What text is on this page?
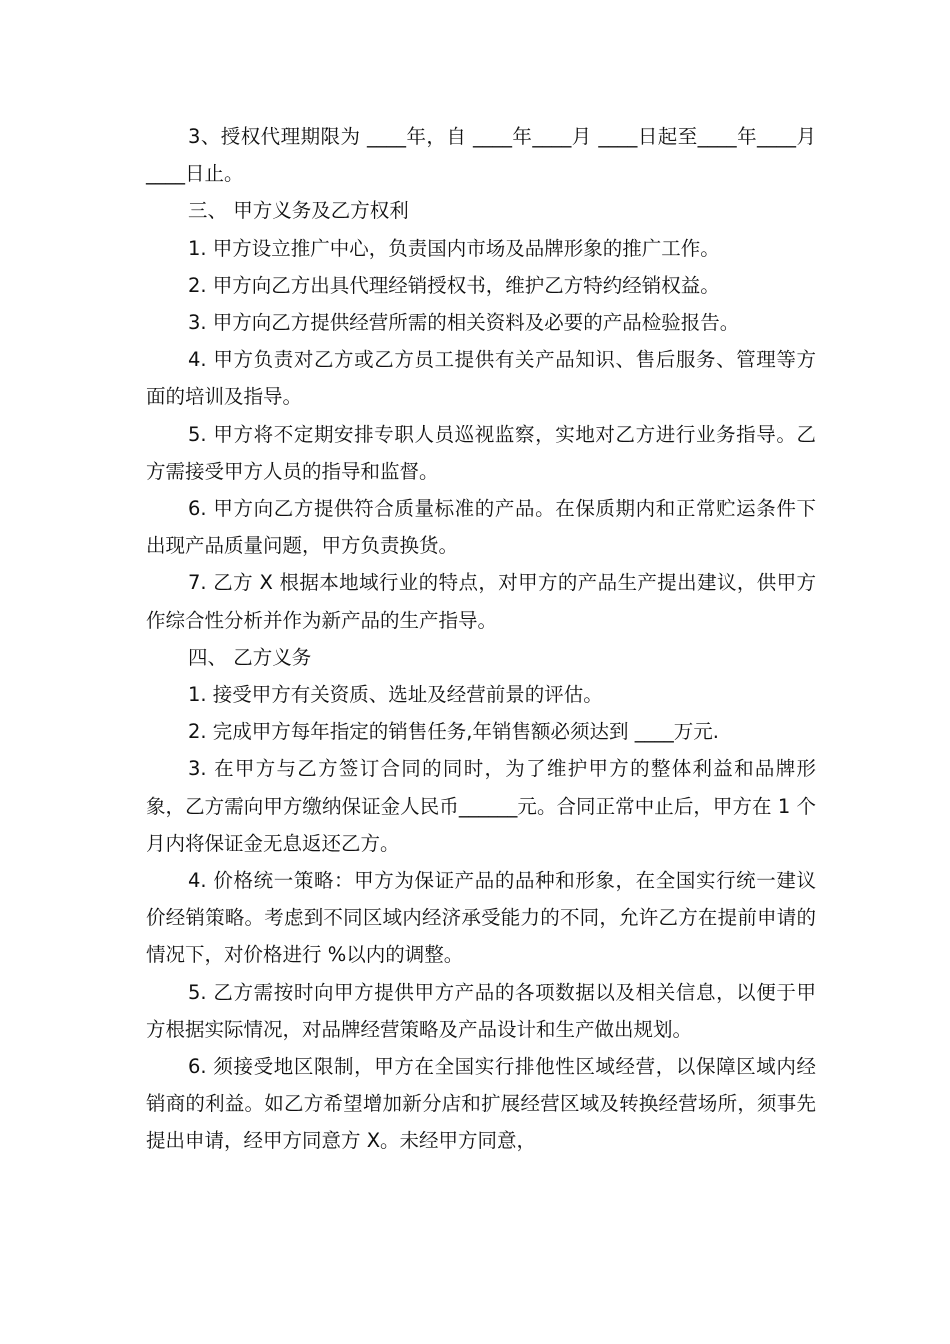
3、授权代理期限为 ____年，自 ____年____月 ____日起至____年____月 ____日止。

三、 甲方义务及乙方权利

1. 甲方设立推广中心，负责国内市场及品牌形象的推广工作。

2. 甲方向乙方出具代理经销授权书，维护乙方特约经销权益。

3. 甲方向乙方提供经营所需的相关资料及必要的产品检验报告。

4. 甲方负责对乙方或乙方员工提供有关产品知识、售后服务、管理等方面的培训及指导。

5. 甲方将不定期安排专职人员巡视监察，实地对乙方进行业务指导。乙方需接受甲方人员的指导和监督。

6. 甲方向乙方提供符合质量标准的产品。在保质期内和正常贮运条件下出现产品质量问题，甲方负责换货。

7. 乙方 X 根据本地域行业的特点，对甲方的产品生产提出建议，供甲方作综合性分析并作为新产品的生产指导。

四、 乙方义务

1. 接受甲方有关资质、选址及经营前景的评估。

2. 完成甲方每年指定的销售任务,年销售额必须达到 ____万元.

3. 在甲方与乙方签订合同的同时，为了维护甲方的整体利益和品牌形象，乙方需向甲方缴纳保证金人民币______元。合同正常中止后，甲方在 1 个月内将保证金无息返还乙方。

4. 价格统一策略：甲方为保证产品的品种和形象，在全国实行统一建议价经销策略。考虑到不同区域内经济承受能力的不同，允许乙方在提前申请的情况下，对价格进行 %以内的调整。

5. 乙方需按时向甲方提供甲方产品的各项数据以及相关信息，以便于甲方根据实际情况，对品牌经营策略及产品设计和生产做出规划。

6. 须接受地区限制，甲方在全国实行排他性区域经营，以保障区域内经销商的利益。如乙方希望增加新分店和扩展经营区域及转换经营场所，须事先提出申请，经甲方同意方 X。未经甲方同意，
